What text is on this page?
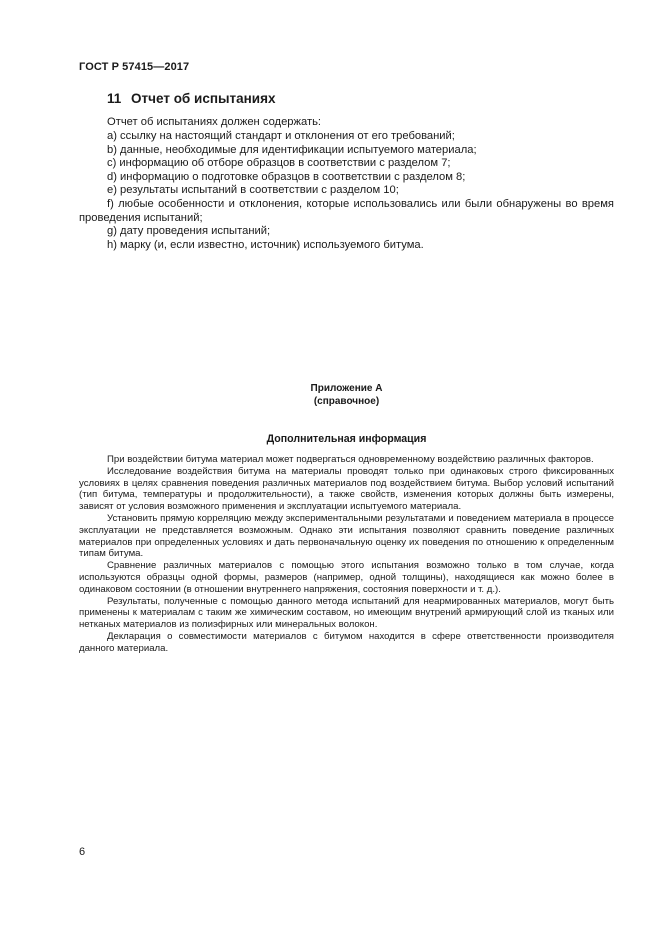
ГОСТ Р 57415—2017
11 Отчет об испытаниях
Отчет об испытаниях должен содержать:
a) ссылку на настоящий стандарт и отклонения от его требований;
b) данные, необходимые для идентификации испытуемого материала;
c) информацию об отборе образцов в соответствии с разделом 7;
d) информацию о подготовке образцов в соответствии с разделом 8;
e) результаты испытаний в соответствии с разделом 10;
f) любые особенности и отклонения, которые использовались или были обнаружены во время проведения испытаний;
g) дату проведения испытаний;
h) марку (и, если известно, источник) используемого битума.
Приложение А
(справочное)
Дополнительная информация
При воздействии битума материал может подвергаться одновременному воздействию различных факторов.
Исследование воздействия битума на материалы проводят только при одинаковых строго фиксированных условиях в целях сравнения поведения различных материалов под воздействием битума. Выбор условий испытаний (тип битума, температуры и продолжительности), а также свойств, изменения которых должны быть измерены, зависят от условия возможного применения и эксплуатации испытуемого материала.
Установить прямую корреляцию между экспериментальными результатами и поведением материала в процессе эксплуатации не представляется возможным. Однако эти испытания позволяют сравнить поведение различных материалов при определенных условиях и дать первоначальную оценку их поведения по отношению к определенным типам битума.
Сравнение различных материалов с помощью этого испытания возможно только в том случае, когда используются образцы одной формы, размеров (например, одной толщины), находящиеся как можно более в одинаковом состоянии (в отношении внутреннего напряжения, состояния поверхности и т. д.).
Результаты, полученные с помощью данного метода испытаний для неармированных материалов, могут быть применены к материалам с таким же химическим составом, но имеющим внутрений армирующий слой из тканых или нетканых материалов из полиэфирных или минеральных волокон.
Декларация о совместимости материалов с битумом находится в сфере ответственности производителя данного материала.
6
